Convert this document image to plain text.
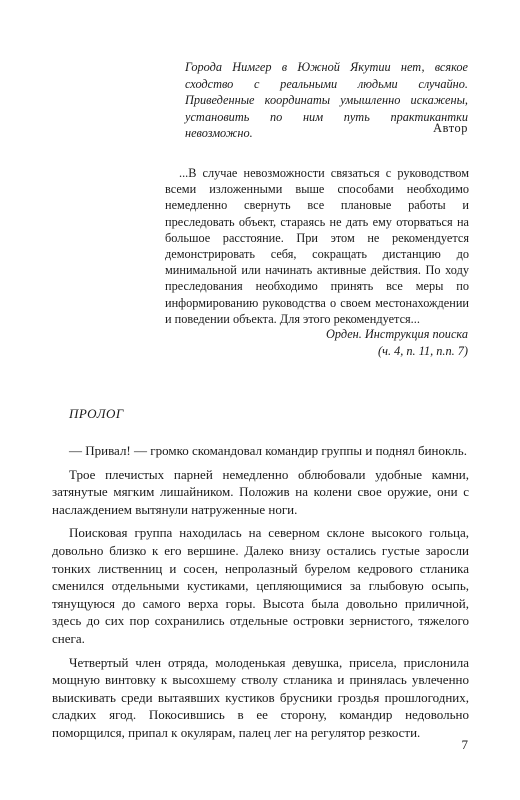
Города Нимгер в Южной Якутии нет, всякое сходство с реальными людьми случайно. Приведенные координаты умышленно искажены, установить по ним путь практикантки невозможно.	Автор
...В случае невозможности связаться с руководством всеми изложенными выше способами необходимо немедленно свернуть все плановые работы и преследовать объект, стараясь не дать ему оторваться на большое расстояние. При этом не рекомендуется демонстрировать себя, сокращать дистанцию до минимальной или начинать активные действия. По ходу преследования необходимо принять все меры по информированию руководства о своем местонахождении и поведении объекта. Для этого рекомендуется...
Орден. Инструкция поиска
(ч. 4, п. 11, п.п. 7)
ПРОЛОГ

— Привал! — громко скомандовал командир группы и поднял бинокль.

Трое плечистых парней немедленно облюбовали удобные камни, затянутые мягким лишайником. Положив на колени свое оружие, они с наслаждением вытянули натруженные ноги.

Поисковая группа находилась на северном склоне высокого гольца, довольно близко к его вершине. Далеко внизу остались густые заросли тонких лиственниц и сосен, непролазный бурелом кедрового стланика сменился отдельными кустиками, цепляющимися за глыбовую осыпь, тянущуюся до самого верха горы. Высота была довольно приличной, здесь до сих пор сохранились отдельные островки зернистого, тяжелого снега.

Четвертый член отряда, молоденькая девушка, присела, прислонила мощную винтовку к высохшему стволу стланика и принялась увлеченно выискивать среди вытаявших кустиков брусники гроздья прошлогодних, сладких ягод. Покосившись в ее сторону, командир недовольно поморщился, припал к окулярам, палец лег на регулятор резкости.

7
